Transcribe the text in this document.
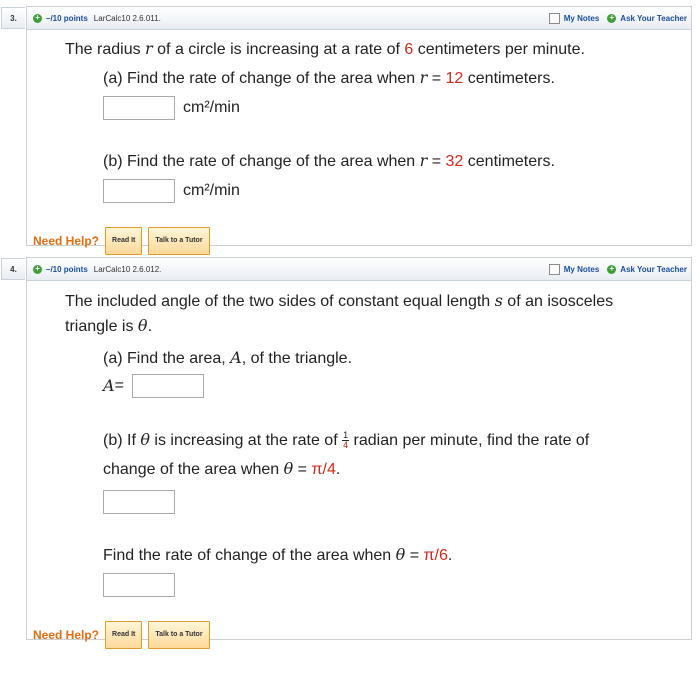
3.	+ –/10 points LarCalc10 2.6.011.	My Notes + Ask Your Teacher

The radius r of a circle is increasing at a rate of 6 centimeters per minute.

(a) Find the rate of change of the area when r = 12 centimeters.
cm²/min
(b) Find the rate of change of the area when r = 32 centimeters.
cm²/min
Need Help?	Read It	Talk to a Tutor
4.	+ –/10 points LarCalc10 2.6.012.	My Notes + Ask Your Teacher
The included angle of the two sides of constant equal length s of an isosceles
triangle is θ.
(a) Find the area, A, of the triangle.
A =
(b) If θ is increasing at the rate of $\frac{1}{4}$ radian per minute, find the rate of
change of the area when θ = π/4.
Find the rate of change of the area when θ = π/6.
Need Help?	Read It	Talk to a Tutor
